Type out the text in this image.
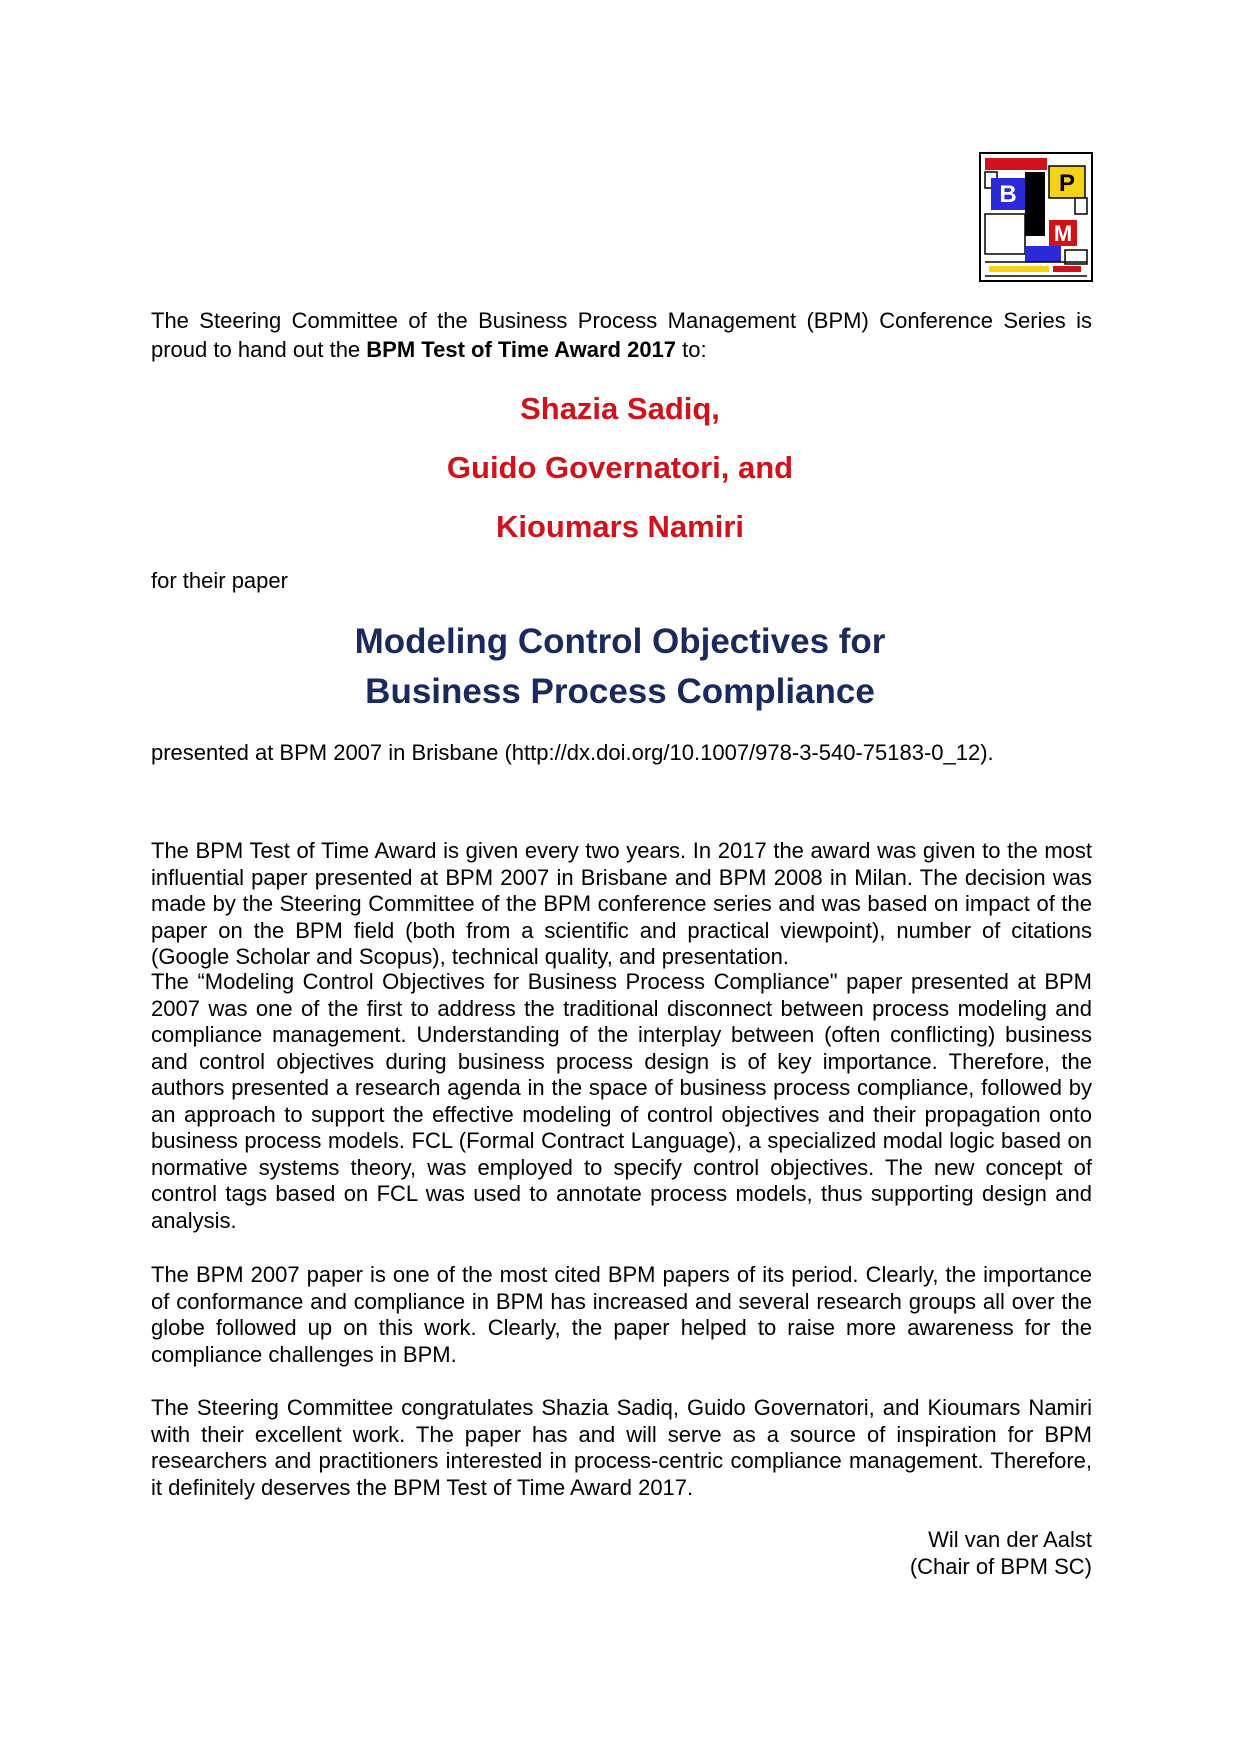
B P
M

The Steering Committee of the Business Process Management (BPM) Conference Series is proud to hand out the BPM Test of Time Award 2017 to:

Shazia Sadiq,

Guido Governatori, and

Kioumars Namiri

for their paper

Modeling Control Objectives for

Business Process Compliance

presented at BPM 2007 in Brisbane (http://dx.doi.org/10.1007/978-3-540-75183-0_12).

The BPM Test of Time Award is given every two years. In 2017 the award was given to the most influential paper presented at BPM 2007 in Brisbane and BPM 2008 in Milan. The decision was made by the Steering Committee of the BPM conference series and was based on impact of the paper on the BPM field (both from a scientific and practical viewpoint), number of citations (Google Scholar and Scopus), technical quality, and presentation.

The “Modeling Control Objectives for Business Process Compliance" paper presented at BPM 2007 was one of the first to address the traditional disconnect between process modeling and compliance management. Understanding of the interplay between (often conflicting) business and control objectives during business process design is of key importance. Therefore, the authors presented a research agenda in the space of business process compliance, followed by an approach to support the effective modeling of control objectives and their propagation onto business process models. FCL (Formal Contract Language), a specialized modal logic based on normative systems theory, was employed to specify control objectives. The new concept of control tags based on FCL was used to annotate process models, thus supporting design and analysis.

The BPM 2007 paper is one of the most cited BPM papers of its period. Clearly, the importance of conformance and compliance in BPM has increased and several research groups all over the globe followed up on this work. Clearly, the paper helped to raise more awareness for the compliance challenges in BPM.

The Steering Committee congratulates Shazia Sadiq, Guido Governatori, and Kioumars Namiri with their excellent work. The paper has and will serve as a source of inspiration for BPM researchers and practitioners interested in process-centric compliance management. Therefore, it definitely deserves the BPM Test of Time Award 2017.

Wil van der Aalst

(Chair of BPM SC)
